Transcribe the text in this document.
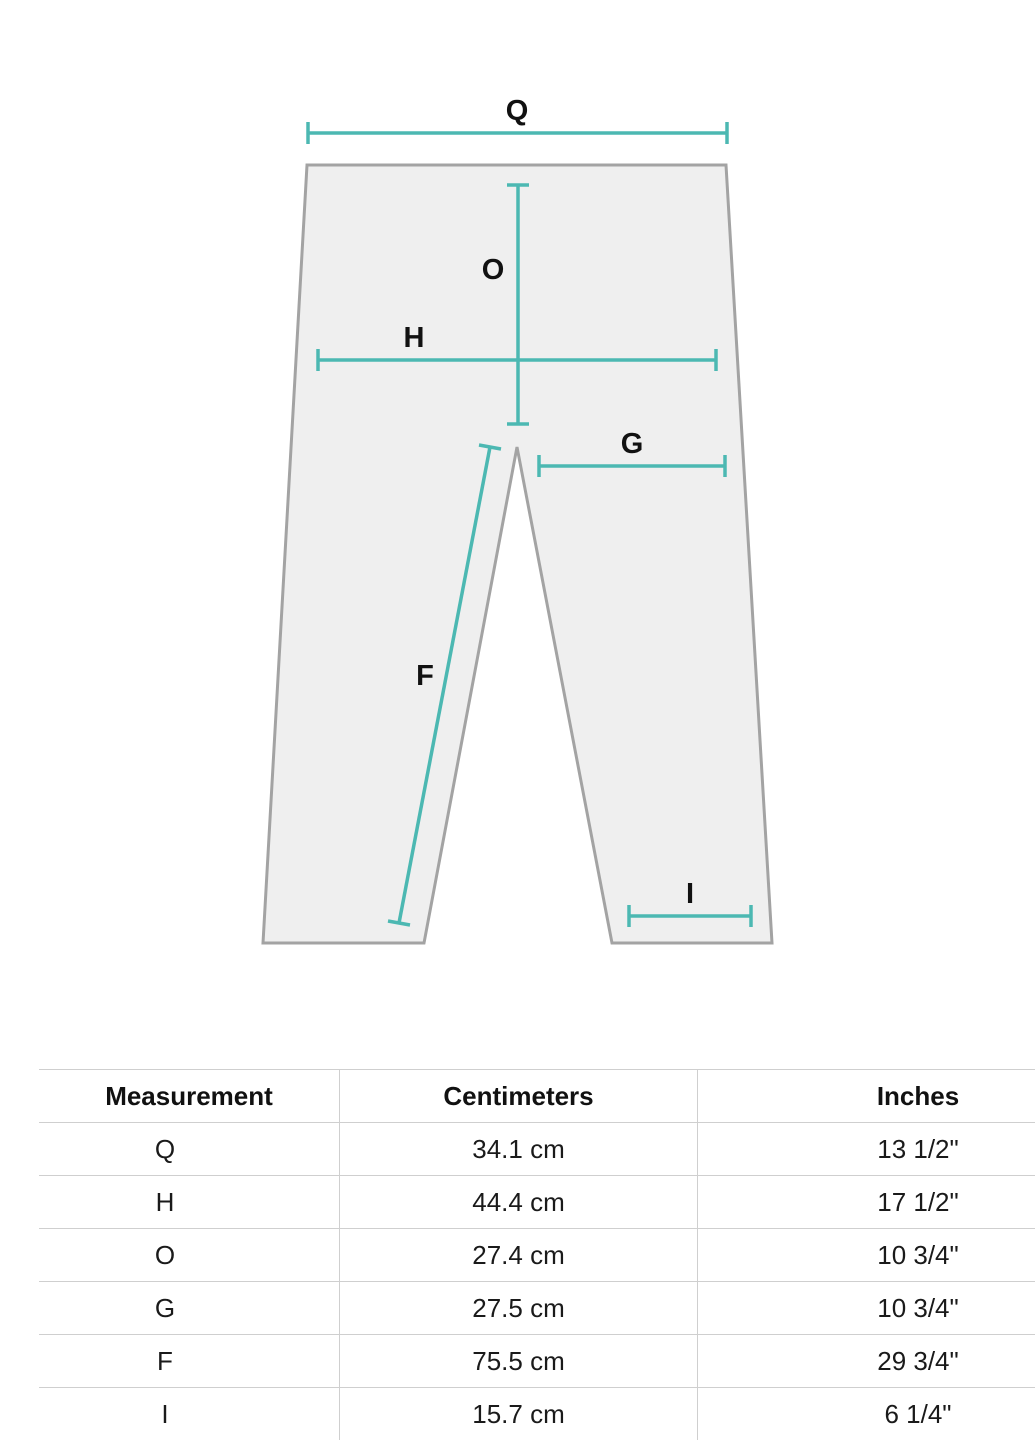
Q
O
H
G
F
I
Measurement	Centimeters	Inches
Q	34.1 cm	13 1/2"
H	44.4 cm	17 1/2"
O	27.4 cm	10 3/4"
G	27.5 cm	10 3/4"
F	75.5 cm	29 3/4"
I	15.7 cm	6 1/4"
